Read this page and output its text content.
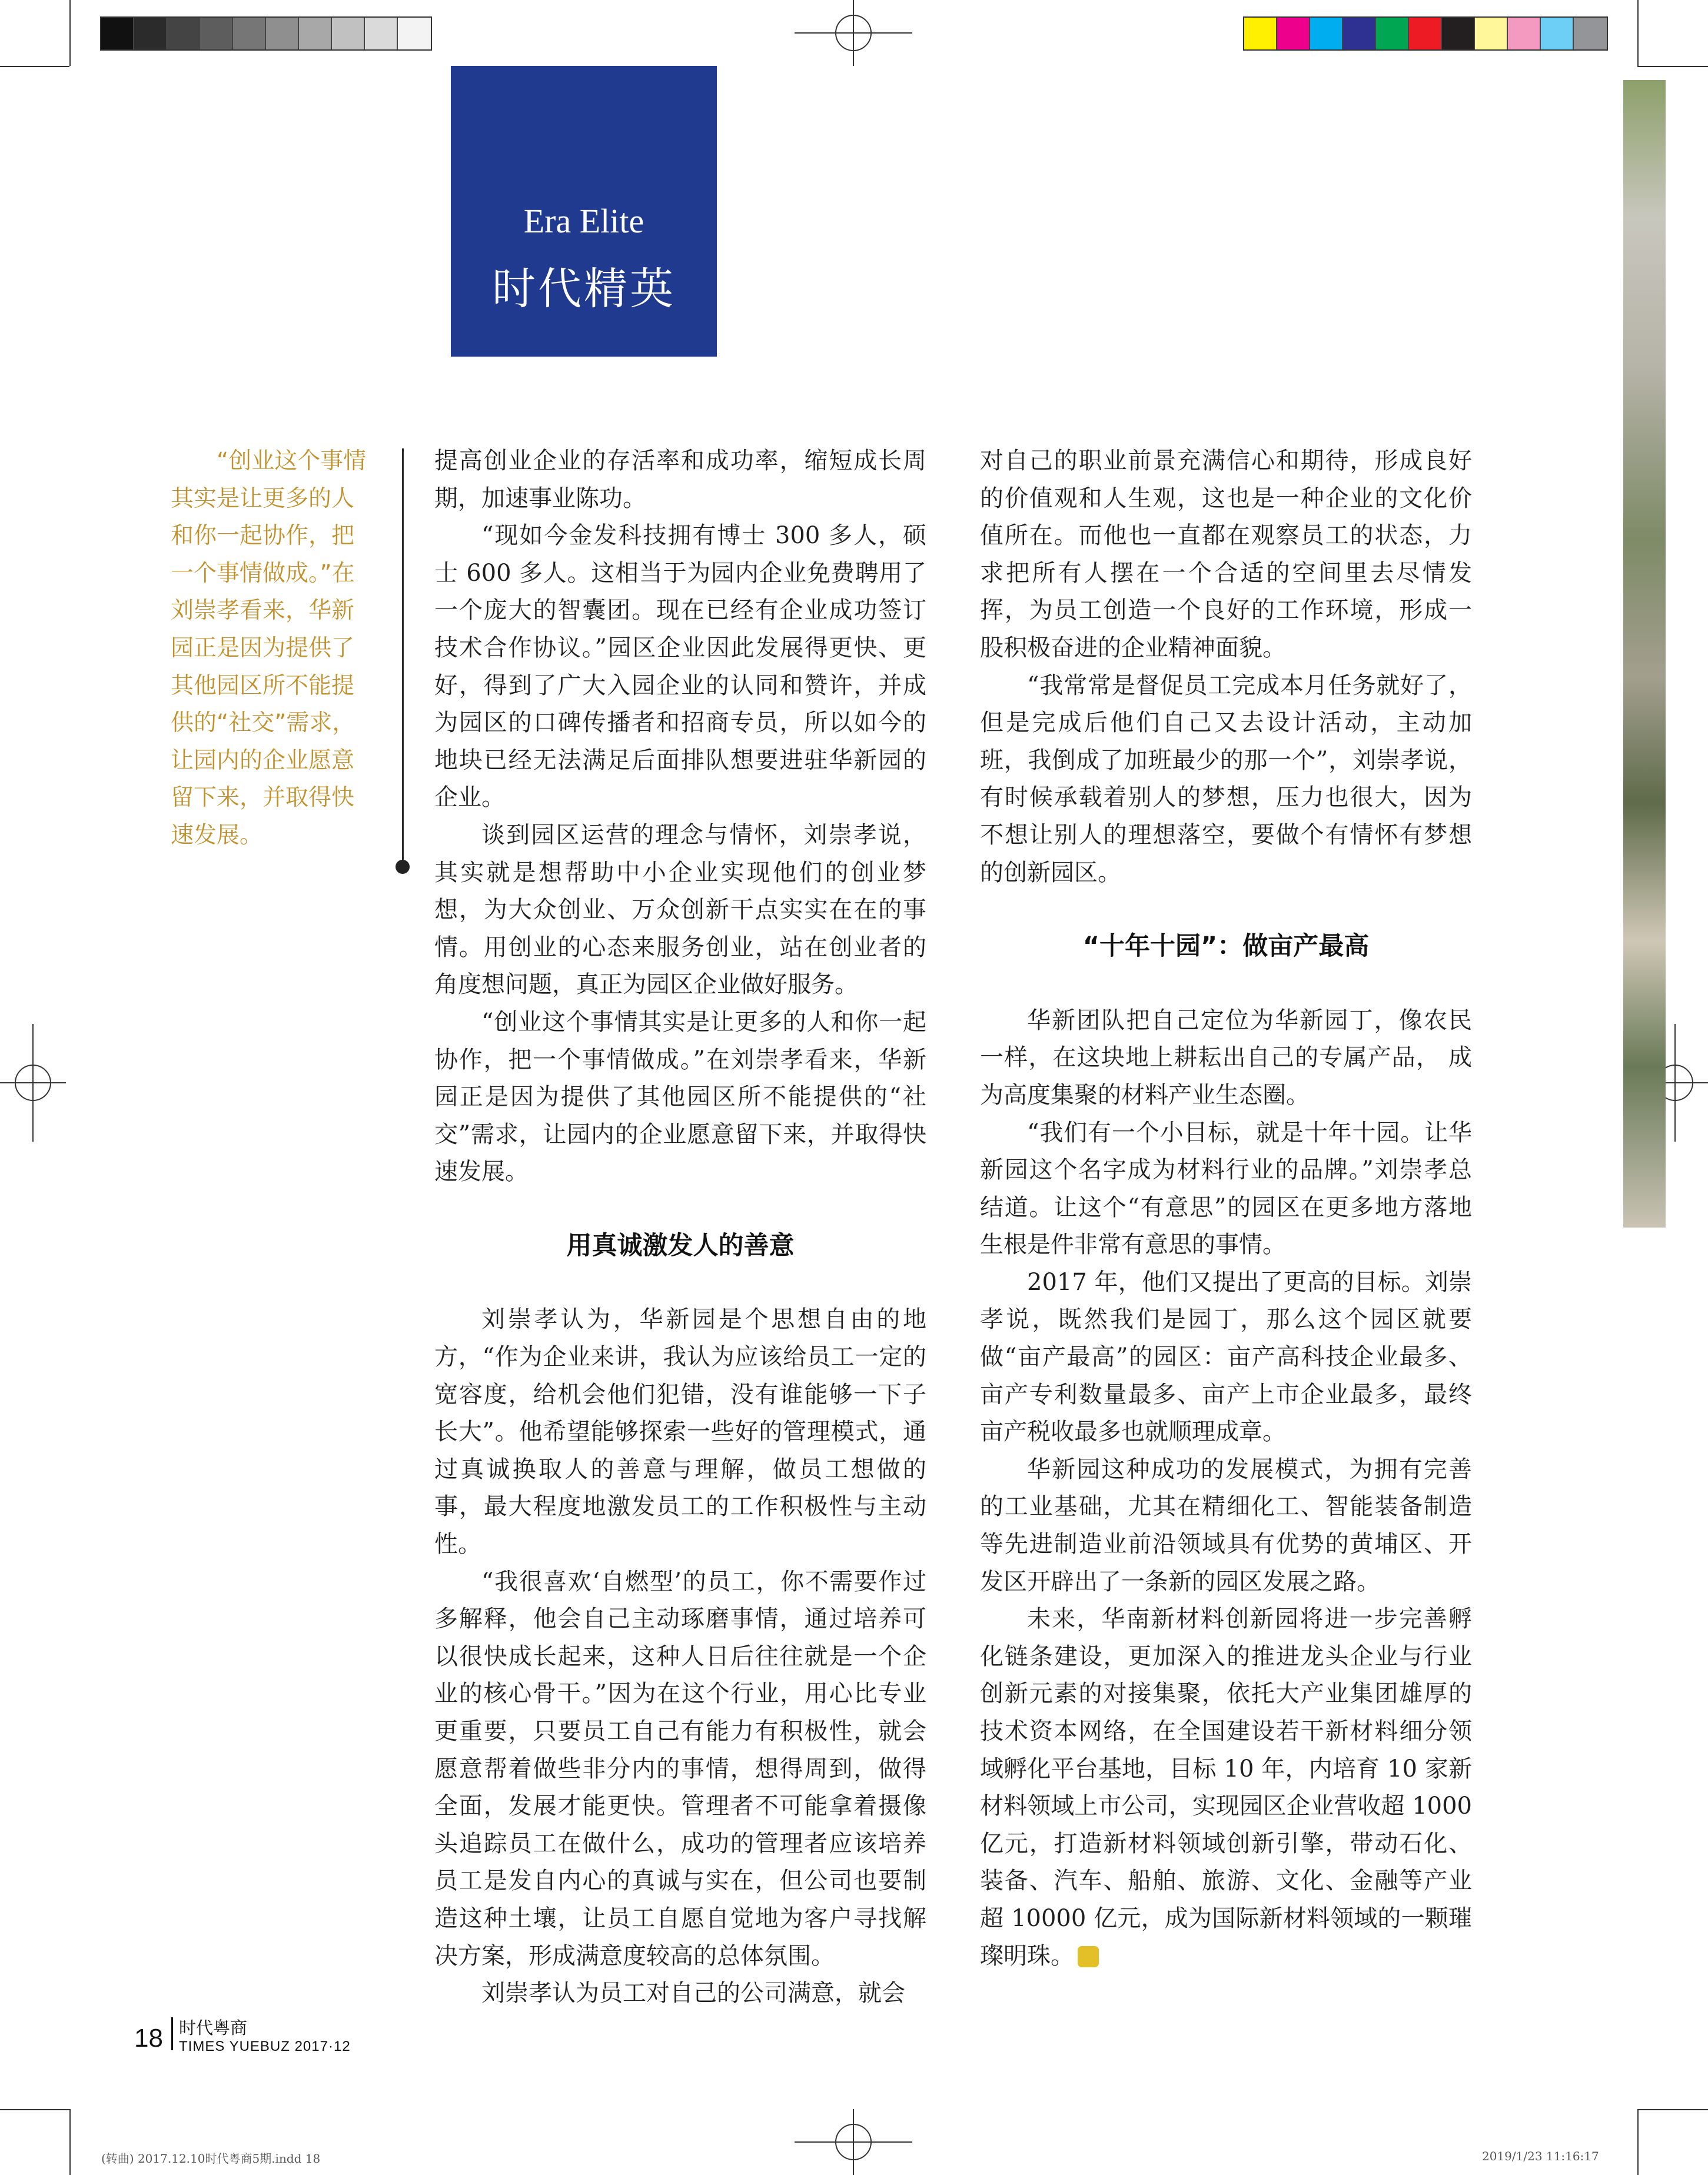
Era Elite
时代精英

“创业这个事情其实是让更多的人和你一起协作，把一个事情做成。”在刘崇孝看来，华新园正是因为提供了其他园区所不能提供的“社交”需求，让园内的企业愿意留下来，并取得快速发展。

提高创业企业的存活率和成功率，缩短成长周期，加速事业陈功。

“现如今金发科技拥有博士 300 多人，硕士 600 多人。这相当于为园内企业免费聘用了一个庞大的智囊团。现在已经有企业成功签订技术合作协议。”园区企业因此发展得更快、更好，得到了广大入园企业的认同和赞许，并成为园区的口碑传播者和招商专员，所以如今的地块已经无法满足后面排队想要进驻华新园的企业。

谈到园区运营的理念与情怀，刘崇孝说，其实就是想帮助中小企业实现他们的创业梦想，为大众创业、万众创新干点实实在在的事情。用创业的心态来服务创业，站在创业者的角度想问题，真正为园区企业做好服务。

“创业这个事情其实是让更多的人和你一起协作，把一个事情做成。”在刘崇孝看来，华新园正是因为提供了其他园区所不能提供的“社交”需求，让园内的企业愿意留下来，并取得快速发展。

用真诚激发人的善意

刘崇孝认为，华新园是个思想自由的地方，“作为企业来讲，我认为应该给员工一定的宽容度，给机会他们犯错，没有谁能够一下子长大”。他希望能够探索一些好的管理模式，通过真诚换取人的善意与理解，做员工想做的事，最大程度地激发员工的工作积极性与主动性。

“我很喜欢‘自燃型’的员工，你不需要作过多解释，他会自己主动琢磨事情，通过培养可以很快成长起来，这种人日后往往就是一个企业的核心骨干。”因为在这个行业，用心比专业更重要，只要员工自己有能力有积极性，就会愿意帮着做些非分内的事情，想得周到，做得全面，发展才能更快。管理者不可能拿着摄像头追踪员工在做什么，成功的管理者应该培养员工是发自内心的真诚与实在，但公司也要制造这种土壤，让员工自愿自觉地为客户寻找解决方案，形成满意度较高的总体氛围。

刘崇孝认为员工对自己的公司满意，就会

对自己的职业前景充满信心和期待，形成良好的价值观和人生观，这也是一种企业的文化价值所在。而他也一直都在观察员工的状态，力求把所有人摆在一个合适的空间里去尽情发挥，为员工创造一个良好的工作环境，形成一股积极奋进的企业精神面貌。

“我常常是督促员工完成本月任务就好了，但是完成后他们自己又去设计活动，主动加班，我倒成了加班最少的那一个”，刘崇孝说，有时候承载着别人的梦想，压力也很大，因为不想让别人的理想落空，要做个有情怀有梦想的创新园区。

“十年十园”：做亩产最高

华新团队把自己定位为华新园丁，像农民一样，在这块地上耕耘出自己的专属产品， 成为高度集聚的材料产业生态圈。

“我们有一个小目标，就是十年十园。让华新园这个名字成为材料行业的品牌。”刘崇孝总结道。让这个“有意思”的园区在更多地方落地生根是件非常有意思的事情。

2017 年，他们又提出了更高的目标。刘崇孝说，既然我们是园丁，那么这个园区就要做“亩产最高”的园区：亩产高科技企业最多、亩产专利数量最多、亩产上市企业最多，最终亩产税收最多也就顺理成章。

华新园这种成功的发展模式，为拥有完善的工业基础，尤其在精细化工、智能装备制造等先进制造业前沿领域具有优势的黄埔区、开发区开辟出了一条新的园区发展之路。

未来，华南新材料创新园将进一步完善孵化链条建设，更加深入的推进龙头企业与行业创新元素的对接集聚，依托大产业集团雄厚的技术资本网络，在全国建设若干新材料细分领域孵化平台基地，目标 10 年，内培育 10 家新材料领域上市公司，实现园区企业营收超 1000 亿元，打造新材料领域创新引擎，带动石化、装备、汽车、船舶、旅游、文化、金融等产业超 10000 亿元，成为国际新材料领域的一颗璀璨明珠。

18 时代粤商
TIMES YUEBUZ 2017·12
(转曲) 2017.12.10时代粤商5期.indd 18	2019/1/23 11:16:17
